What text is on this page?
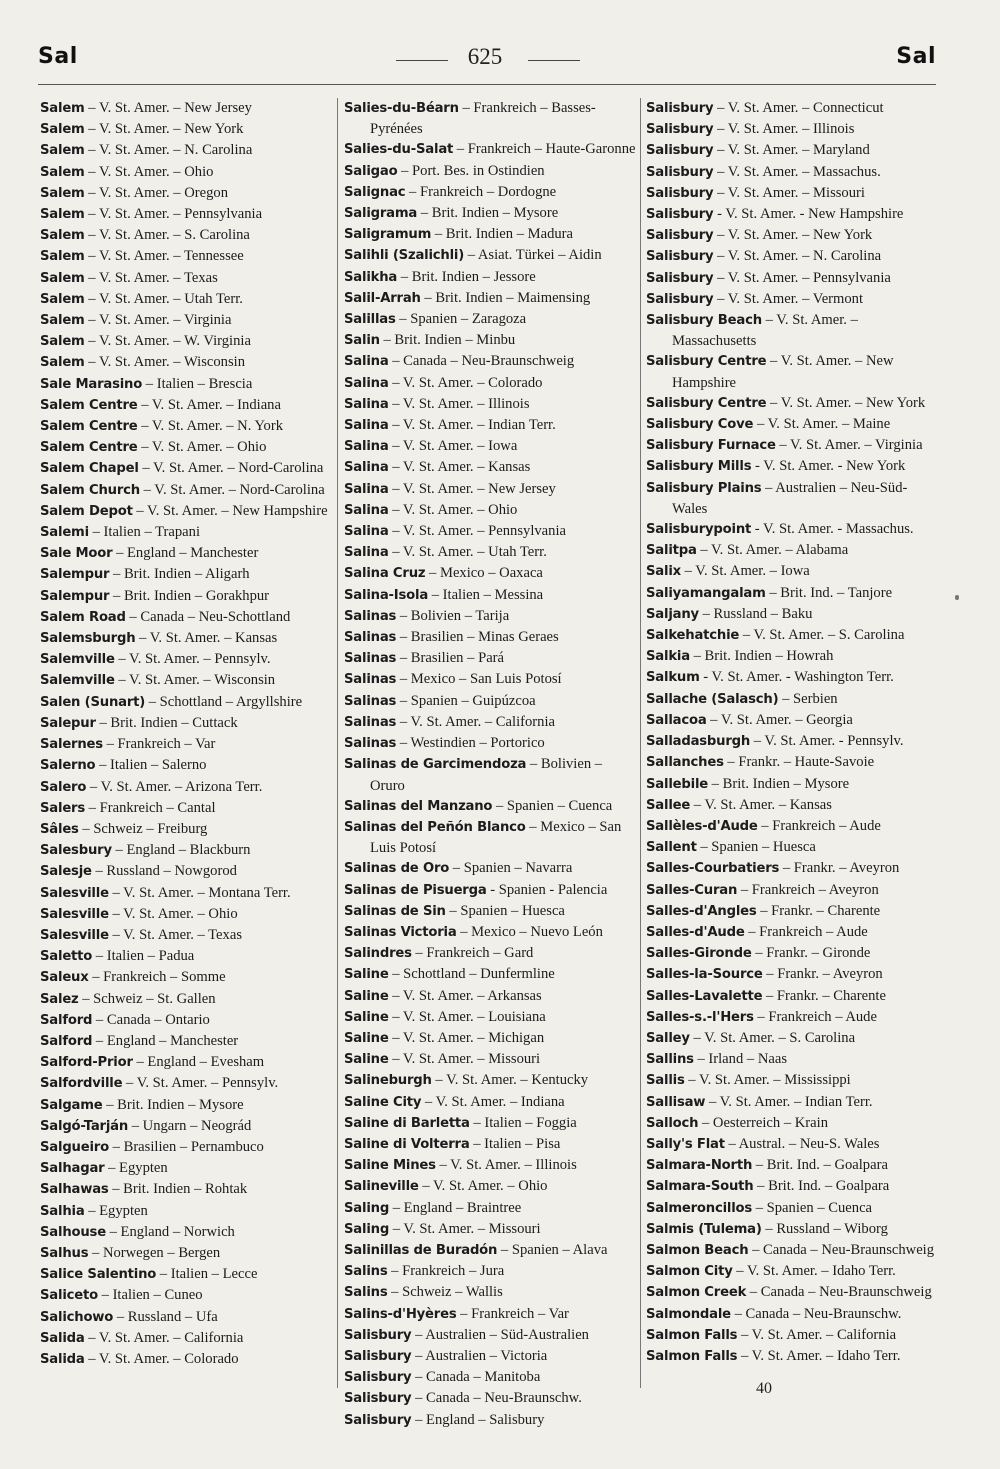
Sal	625	Sal

Salem – V. St. Amer. – New Jersey

Salem – V. St. Amer. – New York

Salem – V. St. Amer. – N. Carolina

Salem – V. St. Amer. – Ohio

Salem – V. St. Amer. – Oregon

Salem – V. St. Amer. – Pennsylvania

Salem – V. St. Amer. – S. Carolina

Salem – V. St. Amer. – Tennessee

Salem – V. St. Amer. – Texas

Salem – V. St. Amer. – Utah Terr.

Salem – V. St. Amer. – Virginia

Salem – V. St. Amer. – W. Virginia

Salem – V. St. Amer. – Wisconsin

Sale Marasino – Italien – Brescia

Salem Centre – V. St. Amer. – Indiana

Salem Centre – V. St. Amer. – N. York

Salem Centre – V. St. Amer. – Ohio

Salem Chapel – V. St. Amer. – Nord-Carolina

Salem Church – V. St. Amer. – Nord-Carolina

Salem Depot – V. St. Amer. – New Hampshire

Salemi – Italien – Trapani

Sale Moor – England – Manchester

Salempur – Brit. Indien – Aligarh

Salempur – Brit. Indien – Gorakhpur

Salem Road – Canada – Neu-Schottland

Salemsburgh – V. St. Amer. – Kansas

Salemville – V. St. Amer. – Pennsylv.

Salemville – V. St. Amer. – Wisconsin

Salen (Sunart) – Schottland – Argyllshire

Salepur – Brit. Indien – Cuttack

Salernes – Frankreich – Var

Salerno – Italien – Salerno

Salero – V. St. Amer. – Arizona Terr.

Salers – Frankreich – Cantal

Sâles – Schweiz – Freiburg

Salesbury – England – Blackburn

Salesje – Russland – Nowgorod

Salesville – V. St. Amer. – Montana Terr.

Salesville – V. St. Amer. – Ohio

Salesville – V. St. Amer. – Texas

Saletto – Italien – Padua

Saleux – Frankreich – Somme

Salez – Schweiz – St. Gallen

Salford – Canada – Ontario

Salford – England – Manchester

Salford-Prior – England – Evesham

Salfordville – V. St. Amer. – Pennsylv.

Salgame – Brit. Indien – Mysore

Salgó-Tarján – Ungarn – Neográd

Salgueiro – Brasilien – Pernambuco

Salhagar – Egypten

Salhawas – Brit. Indien – Rohtak

Salhia – Egypten

Salhouse – England – Norwich

Salhus – Norwegen – Bergen

Salice Salentino – Italien – Lecce

Saliceto – Italien – Cuneo

Salichowo – Russland – Ufa

Salida – V. St. Amer. – California

Salida – V. St. Amer. – Colorado

Salies-du-Béarn – Frankreich – Basses-Pyrénées

Salies-du-Salat – Frankreich – Haute-Garonne

Saligao – Port. Bes. in Ostindien

Salignac – Frankreich – Dordogne

Saligrama – Brit. Indien – Mysore

Saligramum – Brit. Indien – Madura

Salihli (Szalichli) – Asiat. Türkei – Aidin

Salikha – Brit. Indien – Jessore

Salil-Arrah – Brit. Indien – Maimensing

Salillas – Spanien – Zaragoza

Salin – Brit. Indien – Minbu

Salina – Canada – Neu-Braunschweig

Salina – V. St. Amer. – Colorado

Salina – V. St. Amer. – Illinois

Salina – V. St. Amer. – Indian Terr.

Salina – V. St. Amer. – Iowa

Salina – V. St. Amer. – Kansas

Salina – V. St. Amer. – New Jersey

Salina – V. St. Amer. – Ohio

Salina – V. St. Amer. – Pennsylvania

Salina – V. St. Amer. – Utah Terr.

Salina Cruz – Mexico – Oaxaca

Salina-Isola – Italien – Messina

Salinas – Bolivien – Tarija

Salinas – Brasilien – Minas Geraes

Salinas – Brasilien – Pará

Salinas – Mexico – San Luis Potosí

Salinas – Spanien – Guipúzcoa

Salinas – V. St. Amer. – California

Salinas – Westindien – Portorico

Salinas de Garcimendoza – Bolivien – Oruro

Salinas del Manzano – Spanien – Cuenca

Salinas del Peñón Blanco – Mexico – San Luis Potosí

Salinas de Oro – Spanien – Navarra

Salinas de Pisuerga - Spanien - Palencia

Salinas de Sin – Spanien – Huesca

Salinas Victoria – Mexico – Nuevo León

Salindres – Frankreich – Gard

Saline – Schottland – Dunfermline

Saline – V. St. Amer. – Arkansas

Saline – V. St. Amer. – Louisiana

Saline – V. St. Amer. – Michigan

Saline – V. St. Amer. – Missouri

Salineburgh – V. St. Amer. – Kentucky

Saline City – V. St. Amer. – Indiana

Saline di Barletta – Italien – Foggia

Saline di Volterra – Italien – Pisa

Saline Mines – V. St. Amer. – Illinois

Salineville – V. St. Amer. – Ohio

Saling – England – Braintree

Saling – V. St. Amer. – Missouri

Salinillas de Buradón – Spanien – Alava

Salins – Frankreich – Jura

Salins – Schweiz – Wallis

Salins-d'Hyères – Frankreich – Var

Salisbury – Australien – Süd-Australien

Salisbury – Australien – Victoria

Salisbury – Canada – Manitoba

Salisbury – Canada – Neu-Braunschw.

Salisbury – England – Salisbury

Salisbury – V. St. Amer. – Connecticut

Salisbury – V. St. Amer. – Illinois

Salisbury – V. St. Amer. – Maryland

Salisbury – V. St. Amer. – Massachus.

Salisbury – V. St. Amer. – Missouri

Salisbury - V. St. Amer. - New Hampshire

Salisbury – V. St. Amer. – New York

Salisbury – V. St. Amer. – N. Carolina

Salisbury – V. St. Amer. – Pennsylvania

Salisbury – V. St. Amer. – Vermont

Salisbury Beach – V. St. Amer. – Massachusetts

Salisbury Centre – V. St. Amer. – New Hampshire

Salisbury Centre – V. St. Amer. – New York

Salisbury Cove – V. St. Amer. – Maine

Salisbury Furnace – V. St. Amer. – Virginia

Salisbury Mills - V. St. Amer. - New York

Salisbury Plains – Australien – Neu-Süd-Wales

Salisburypoint - V. St. Amer. - Massachus.

Salitpa – V. St. Amer. – Alabama

Salix – V. St. Amer. – Iowa

Saliyamangalam – Brit. Ind. – Tanjore

Saljany – Russland – Baku

Salkehatchie – V. St. Amer. – S. Carolina

Salkia – Brit. Indien – Howrah

Salkum - V. St. Amer. - Washington Terr.

Sallache (Salasch) – Serbien

Sallacoa – V. St. Amer. – Georgia

Salladasburgh – V. St. Amer. - Pennsylv.

Sallanches – Frankr. – Haute-Savoie

Sallebile – Brit. Indien – Mysore

Sallee – V. St. Amer. – Kansas

Sallèles-d'Aude – Frankreich – Aude

Sallent – Spanien – Huesca

Salles-Courbatiers – Frankr. – Aveyron

Salles-Curan – Frankreich – Aveyron

Salles-d'Angles – Frankr. – Charente

Salles-d'Aude – Frankreich – Aude

Salles-Gironde – Frankr. – Gironde

Salles-la-Source – Frankr. – Aveyron

Salles-Lavalette – Frankr. – Charente

Salles-s.-l'Hers – Frankreich – Aude

Salley – V. St. Amer. – S. Carolina

Sallins – Irland – Naas

Sallis – V. St. Amer. – Mississippi

Sallisaw – V. St. Amer. – Indian Terr.

Salloch – Oesterreich – Krain

Sally's Flat – Austral. – Neu-S. Wales

Salmara-North – Brit. Ind. – Goalpara

Salmara-South – Brit. Ind. – Goalpara

Salmeroncillos – Spanien – Cuenca

Salmis (Tulema) – Russland – Wiborg

Salmon Beach – Canada – Neu-Braunschweig

Salmon City – V. St. Amer. – Idaho Terr.

Salmon Creek – Canada – Neu-Braunschweig

Salmondale – Canada – Neu-Braunschw.

Salmon Falls – V. St. Amer. – California

Salmon Falls – V. St. Amer. – Idaho Terr.

40
